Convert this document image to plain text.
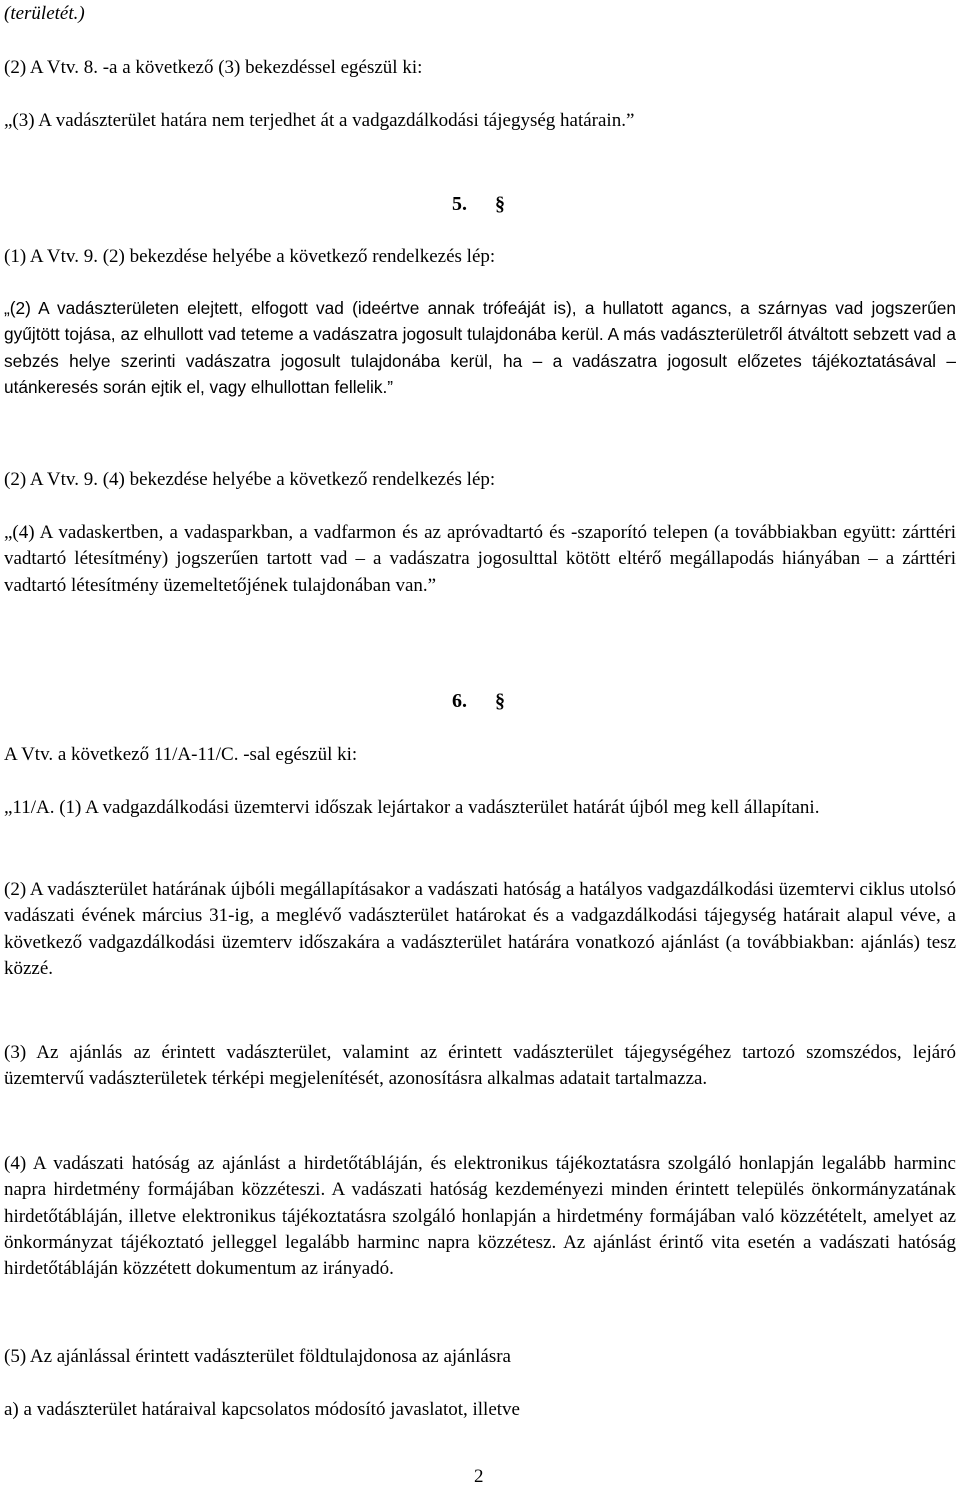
(területét.)
(2) A Vtv. 8. -a a következő (3) bekezdéssel egészül ki:
„(3) A vadászterület határa nem terjedhet át a vadgazdálkodási tájegység határain.”
5. §
(1) A Vtv. 9. (2) bekezdése helyébe a következő rendelkezés lép:
„(2) A vadászterületen elejtett, elfogott vad (ideértve annak trófeáját is), a hullatott agancs, a szárnyas vad jogszerűen gyűjtött tojása, az elhullott vad teteme a vadászatra jogosult tulajdonába kerül. A más vadászterületről átváltott sebzett vad a sebzés helye szerinti vadászatra jogosult tulajdonába kerül, ha – a vadászatra jogosult előzetes tájékoztatásával – utánkeresés során ejtik el, vagy elhullottan fellelik.”
(2) A Vtv. 9. (4) bekezdése helyébe a következő rendelkezés lép:
„(4) A vadaskertben, a vadasparkban, a vadfarmon és az apróvadtartó és -szaporító telepen (a továbbiakban együtt: zárttéri vadtartó létesítmény) jogszerűen tartott vad – a vadászatra jogosulttal kötött eltérő megállapodás hiányában – a zárttéri vadtartó létesítmény üzemeltetőjének tulajdonában van.”
6. §
A Vtv. a következő 11/A-11/C. -sal egészül ki:
„11/A. (1) A vadgazdálkodási üzemtervi időszak lejártakor a vadászterület határát újból meg kell állapítani.
(2) A vadászterület határának újbóli megállapításakor a vadászati hatóság a hatályos vadgazdálkodási üzemtervi ciklus utolsó vadászati évének március 31-ig, a meglévő vadászterület határokat és a vadgazdálkodási tájegység határait alapul véve, a következő vadgazdálkodási üzemterv időszakára a vadászterület határára vonatkozó ajánlást (a továbbiakban: ajánlás) tesz közzé.
(3) Az ajánlás az érintett vadászterület, valamint az érintett vadászterület tájegységéhez tartozó szomszédos, lejáró üzemtervű vadászterületek térképi megjelenítését, azonosításra alkalmas adatait tartalmazza.
(4) A vadászati hatóság az ajánlást a hirdetőtábláján, és elektronikus tájékoztatásra szolgáló honlapján legalább harminc napra hirdetmény formájában közzéteszi. A vadászati hatóság kezdeményezi minden érintett település önkormányzatának hirdetőtábláján, illetve elektronikus tájékoztatásra szolgáló honlapján a hirdetmény formájában való közzétételt, amelyet az önkormányzat tájékoztató jelleggel legalább harminc napra közzétesz. Az ajánlást érintő vita esetén a vadászati hatóság hirdetőtábláján közzétett dokumentum az irányadó.
(5) Az ajánlással érintett vadászterület földtulajdonosa az ajánlásra
a) a vadászterület határaival kapcsolatos módosító javaslatot, illetve
2
